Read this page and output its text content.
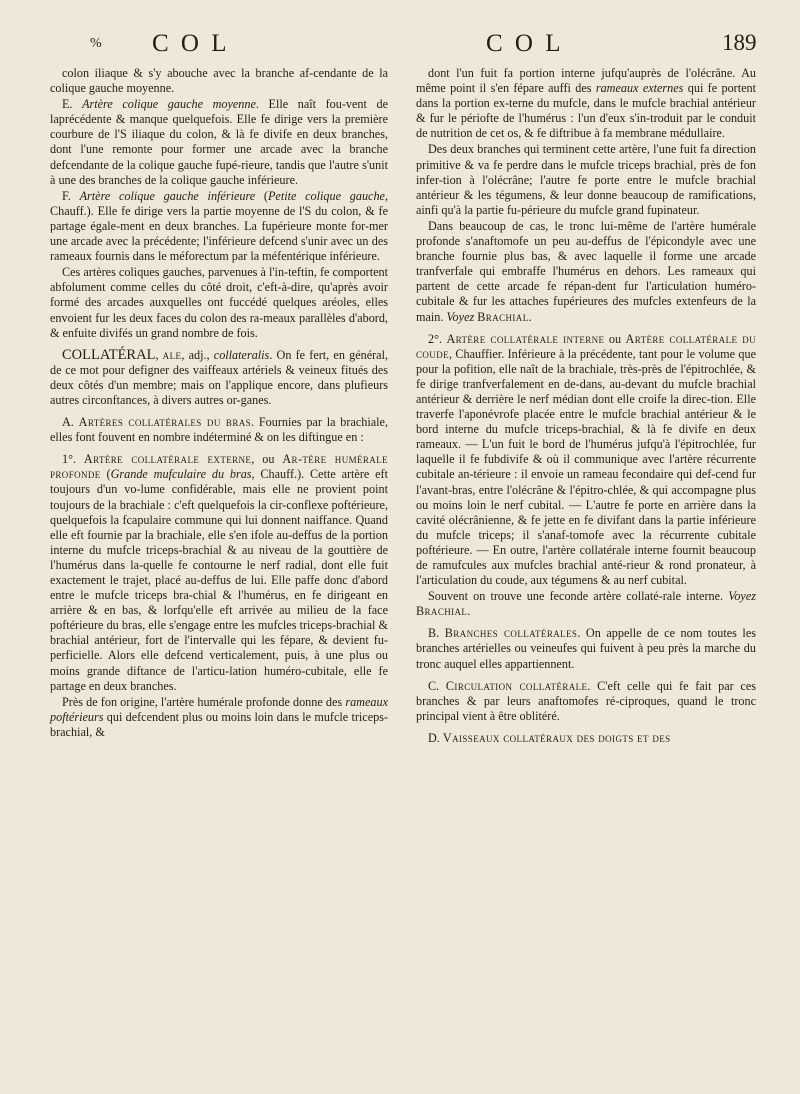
% C O L	C O L	189

colon iliaque & s'y abouche avec la branche af-cendante de la colique gauche moyenne.

E. Artère colique gauche moyenne. Elle naît fou-vent de laprécédente & manque quelquefois. Elle fe dirige vers la première courbure de l'S iliaque du colon, & là fe divife en deux branches, dont l'une remonte pour former une arcade avec la branche defcendante de la colique gauche fupé-rieure, tandis que l'autre s'unit à une des branches de la colique gauche inférieure.

F. Artère colique gauche inférieure (Petite colique gauche, Chauff.). Elle fe dirige vers la partie moyenne de l'S du colon, & fe partage égale-ment en deux branches. La fupérieure monte for-mer une arcade avec la précédente; l'inférieure defcend s'unir avec un des rameaux fournis dans le méforectum par la méfentérique inférieure.

Ces artères coliques gauches, parvenues à l'in-teftin, fe comportent abfolument comme celles du côté droit, c'eft-à-dire, qu'après avoir formé des arcades auxquelles ont fuccédé quelques aréoles, elles envoient fur les deux faces du colon des ra-meaux parallèles d'abord, & enfuite divifés un grand nombre de fois.

COLLATÉRAL, ale, adj., collateralis. On fe fert, en général, de ce mot pour defigner des vaiffeaux artériels & veineux fitués des deux côtés d'un membre; mais on l'applique encore, dans plufieurs autres circonftances, à divers autres or-ganes.

A. Artères collatérales du bras. Fournies par la brachiale, elles font fouvent en nombre indéterminé & on les diftingue en :

1°. Artère collatérale externe, ou Ar-tère humérale profonde (Grande mufculaire du bras, Chauff.). Cette artère eft toujours d'un vo-lume confidérable, mais elle ne provient point toujours de la brachiale : c'eft quelquefois la cir-conflexe poftérieure, quelquefois la fcapulaire commune qui lui donnent naiffance. Quand elle eft fournie par la brachiale, elle s'en ifole au-deffus de la portion interne du mufcle triceps-brachial & au niveau de la gouttière de l'humérus dans la-quelle fe contourne le nerf radial, dont elle fuit exactement le trajet, placé au-deffus de lui. Elle paffe donc d'abord entre le mufcle triceps bra-chial & l'humérus, en fe dirigeant en arrière & en bas, & lorfqu'elle eft arrivée au milieu de la face poftérieure du bras, elle s'engage entre les mufcles triceps-brachial & brachial antérieur, fort de l'intervalle qui les fépare, & devient fu-perficielle. Alors elle defcend verticalement, puis, à une plus ou moins grande diftance de l'articu-lation huméro-cubitale, elle fe partage en deux branches.

Près de fon origine, l'artère humérale profonde donne des rameaux poftérieurs qui defcendent plus ou moins loin dans le mufcle triceps-brachial, &

dont l'un fuit fa portion interne jufqu'auprès de l'olécrâne. Au même point il s'en fépare auffi des rameaux externes qui fe portent dans la portion ex-terne du mufcle, dans le mufcle brachial antérieur & fur le périofte de l'humérus : l'un d'eux s'in-troduit par le conduit de nutrition de cet os, & fe diftribue à fa membrane médullaire.

Des deux branches qui terminent cette artère, l'une fuit fa direction primitive & va fe perdre dans le mufcle triceps brachial, près de fon infer-tion à l'olécrâne; l'autre fe porte entre le mufcle brachial antérieur & les tégumens, & leur donne beaucoup de ramifications, ainfi qu'à la partie fu-périeure du mufcle grand fupinateur.

Dans beaucoup de cas, le tronc lui-même de l'artère humérale profonde s'anaftomofe un peu au-deffus de l'épicondyle avec une branche fournie plus bas, & avec laquelle il forme une arcade tranfverfale qui embraffe l'humérus en dehors. Les rameaux qui partent de cette arcade fe répan-dent fur l'articulation huméro-cubitale & fur les attaches fupérieures des mufcles extenfeurs de la main. Voyez Brachial.

2°. Artère collatérale interne ou Artère collatérale du coude, Chauffier. Inférieure à la précédente, tant pour le volume que pour la pofition, elle naît de la brachiale, très-près de l'épitrochlée, & fe dirige tranfverfalement en de-dans, au-devant du mufcle brachial antérieur & derrière le nerf médian dont elle croife la direc-tion. Elle traverfe l'aponévrofe placée entre le mufcle brachial antérieur & le bord interne du mufcle triceps-brachial, & là fe divife en deux rameaux. — L'un fuit le bord de l'humérus jufqu'à l'épitrochlée, fur laquelle il fe fubdivife & où il communique avec l'artère récurrente cubitale an-térieure : il envoie un rameau fecondaire qui def-cend fur l'avant-bras, entre l'olécrâne & l'épitro-chlée, & qui accompagne plus ou moins loin le nerf cubital. — L'autre fe porte en arrière dans la cavité olécrânienne, & fe jette en fe divifant dans la partie inférieure du mufcle triceps; il s'anaf-tomofe avec la récurrente cubitale poftérieure. — En outre, l'artère collatérale interne fournit beaucoup de ramufcules aux mufcles brachial anté-rieur & rond pronateur, à l'articulation du coude, aux tégumens & au nerf cubital.

Souvent on trouve une feconde artère collaté-rale interne. Voyez Brachial.

B. Branches collatérales. On appelle de ce nom toutes les branches artérielles ou veineufes qui fuivent à peu près la marche du tronc auquel elles appartiennent.

C. Circulation collatérale. C'eft celle qui fe fait par ces branches & par leurs anaftomofes ré-ciproques, quand le tronc principal vient à être oblitéré.

D. Vaisseaux collatéraux des doigts et des
